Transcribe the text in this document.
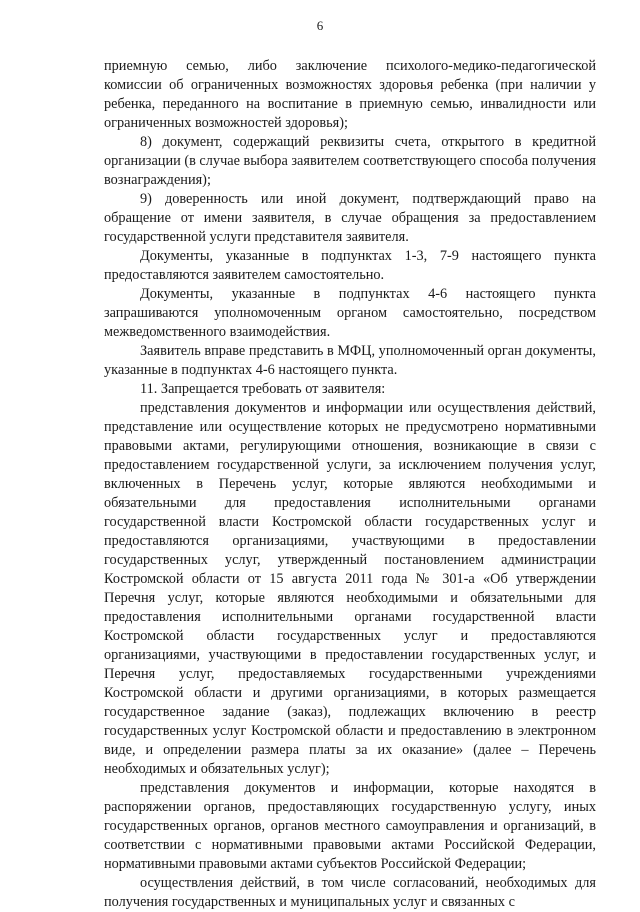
6

приемную семью, либо заключение психолого-медико-педагогической комиссии об ограниченных возможностях здоровья ребенка (при наличии у ребенка, переданного на воспитание в приемную семью, инвалидности или ограниченных возможностей здоровья);

8) документ, содержащий реквизиты счета, открытого в кредитной организации (в случае выбора заявителем соответствующего способа получения вознаграждения);

9) доверенность или иной документ, подтверждающий право на обращение от имени заявителя, в случае обращения за предоставлением государственной услуги представителя заявителя.

Документы, указанные в подпунктах 1-3, 7-9 настоящего пункта предоставляются заявителем самостоятельно.

Документы, указанные в подпунктах 4-6 настоящего пункта запрашиваются уполномоченным органом самостоятельно, посредством межведомственного взаимодействия.

Заявитель вправе представить в МФЦ, уполномоченный орган документы, указанные в подпунктах 4-6 настоящего пункта.

11. Запрещается требовать от заявителя:

представления документов и информации или осуществления действий, представление или осуществление которых не предусмотрено нормативными правовыми актами, регулирующими отношения, возникающие в связи с предоставлением государственной услуги, за исключением получения услуг, включенных в Перечень услуг, которые являются необходимыми и обязательными для предоставления исполнительными органами государственной власти Костромской области государственных услуг и предоставляются организациями, участвующими в предоставлении государственных услуг, утвержденный постановлением администрации Костромской области от 15 августа 2011 года № 301-а «Об утверждении Перечня услуг, которые являются необходимыми и обязательными для предоставления исполнительными органами государственной власти Костромской области государственных услуг и предоставляются организациями, участвующими в предоставлении государственных услуг, и Перечня услуг, предоставляемых государственными учреждениями Костромской области и другими организациями, в которых размещается государственное задание (заказ), подлежащих включению в реестр государственных услуг Костромской области и предоставлению в электронном виде, и определении размера платы за их оказание» (далее – Перечень необходимых и обязательных услуг);

представления документов и информации, которые находятся в распоряжении органов, предоставляющих государственную услугу, иных государственных органов, органов местного самоуправления и организаций, в соответствии с нормативными правовыми актами Российской Федерации, нормативными правовыми актами субъектов Российской Федерации;

осуществления действий, в том числе согласований, необходимых для получения государственных и муниципальных услуг и связанных с
